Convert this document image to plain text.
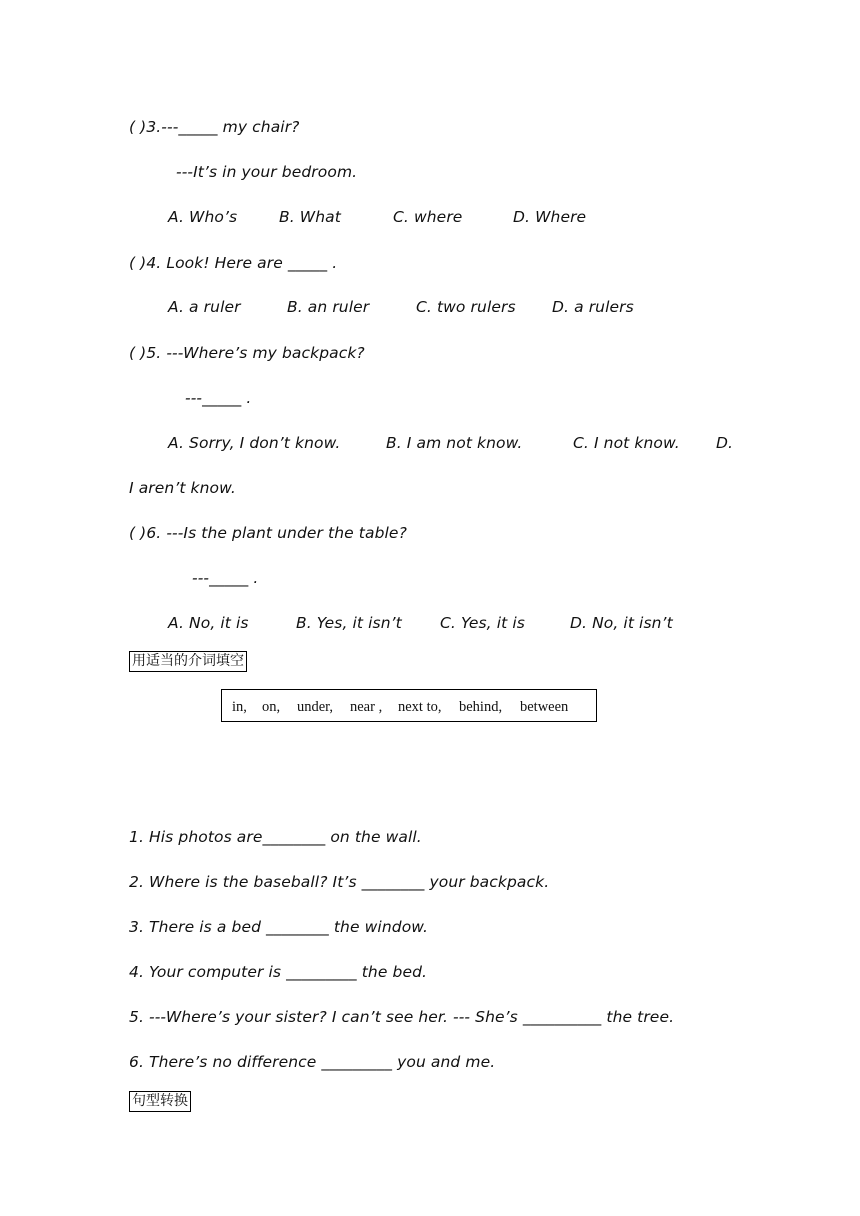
( )3.---_____ my chair?
---It’s in your bedroom.
A. Who’s	B. What	C. where	D. Where
( )4. Look! Here are _____ .
A. a ruler	B. an ruler	C. two rulers D. a rulers
( )5. ---Where’s my backpack?
---_____ .
A. Sorry, I don’t know.	B. I am not know.	C. I not know. D.
I aren’t know.
( )6. ---Is the plant under the table?
---_____ .
A. No, it is	B. Yes, it isn’t C. Yes, it is	D. No, it isn’t
用适当的介词填空
in, on, under, near , next to, behind, between
1. His photos are________ on the wall.
2. Where is the baseball? It’s ________ your backpack.
3. There is a bed ________ the window.
4. Your computer is _________ the bed.
5. ---Where’s your sister? I can’t see her. --- She’s __________ the tree.
6. There’s no difference _________ you and me.
句型转换
